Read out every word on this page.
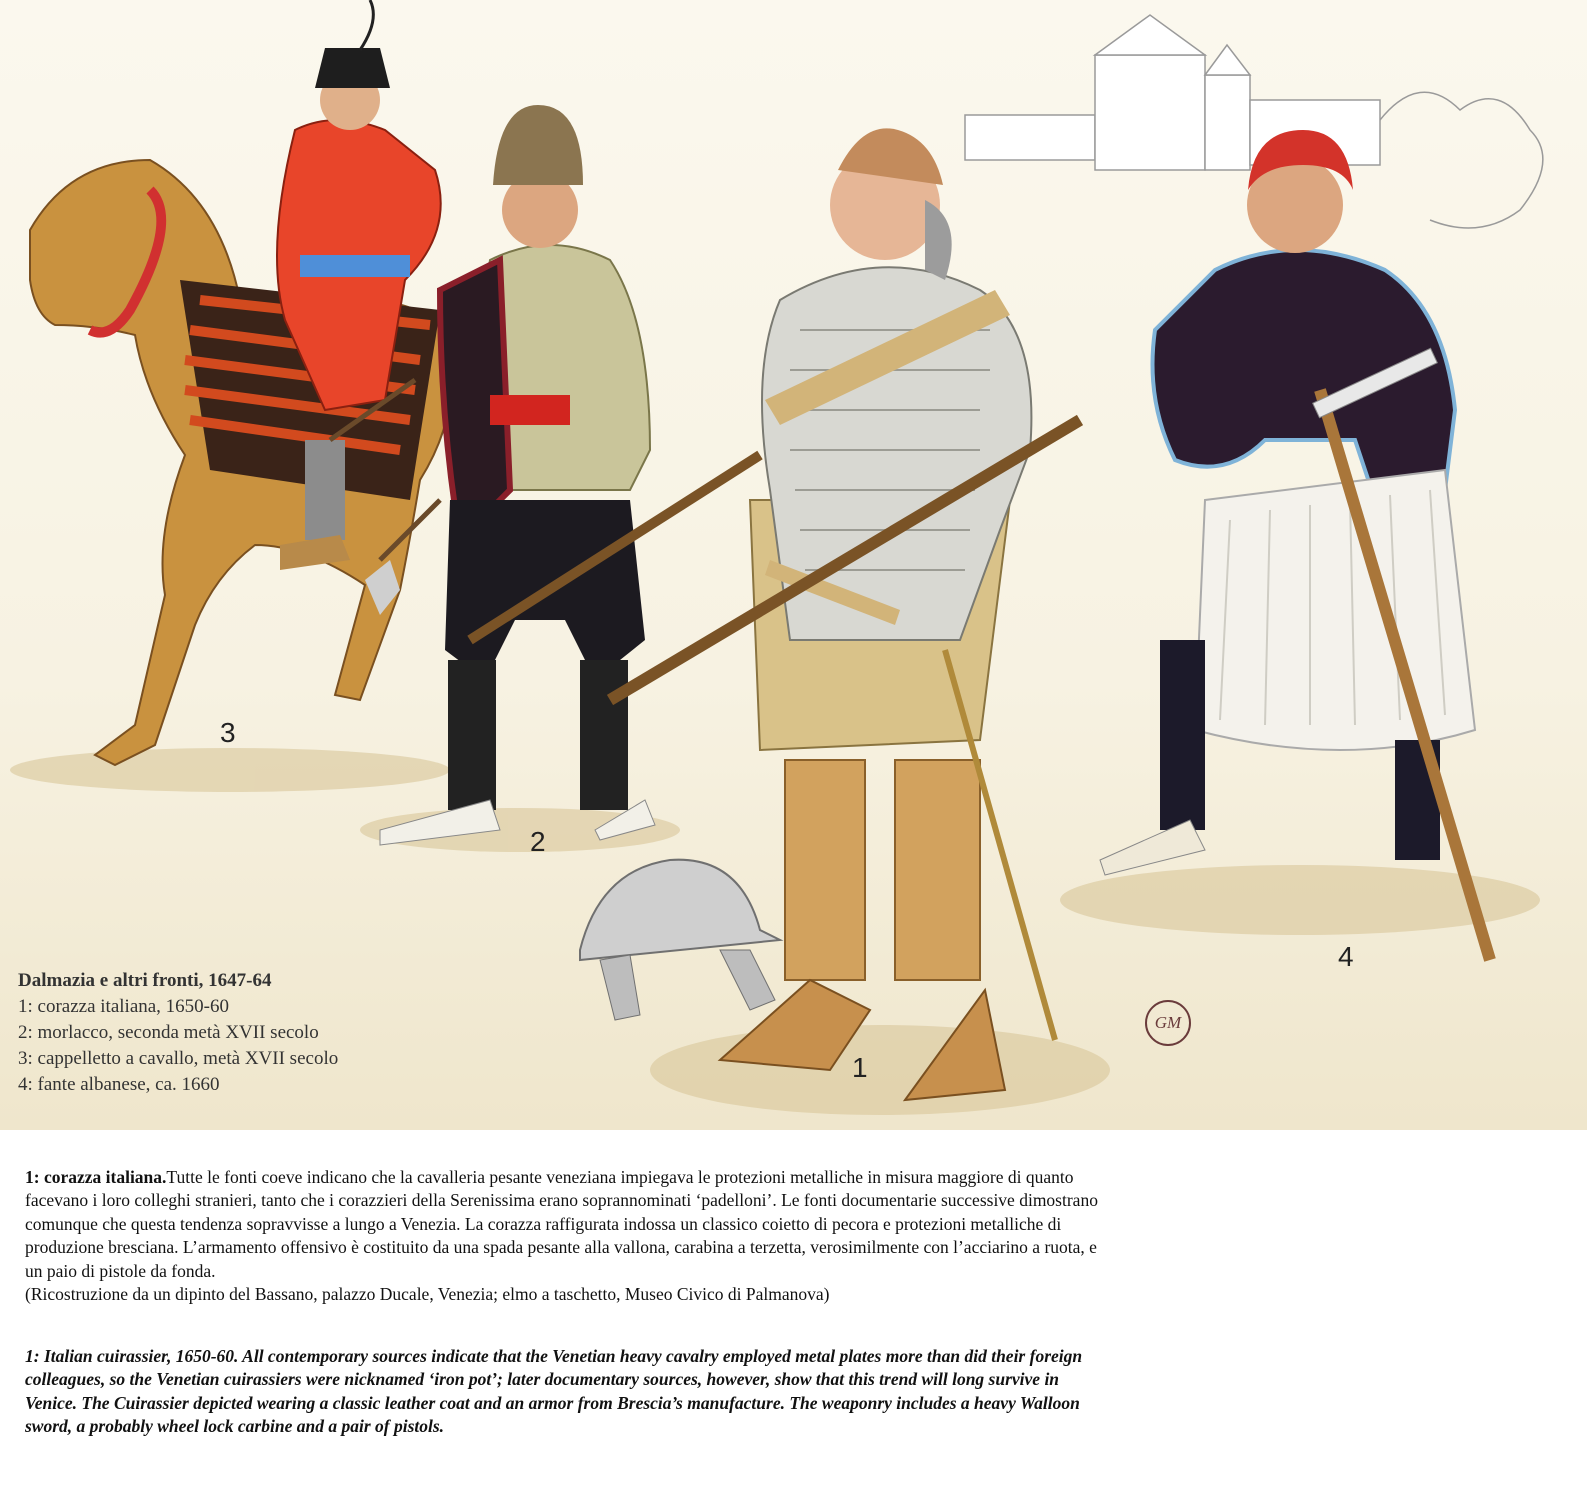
3
2
1
4
Dalmazia e altri fronti, 1647-64
1: corazza italiana, 1650-60
2: morlacco, seconda metà XVII secolo
3: cappelletto a cavallo, metà XVII secolo
4: fante albanese, ca. 1660
GM

1: corazza italiana.Tutte le fonti coeve indicano che la cavalleria pesante veneziana impiegava le protezioni metalliche in misura maggiore di quanto facevano i loro colleghi stranieri, tanto che i corazzieri della Serenissima erano soprannominati ‘padelloni’. Le fonti documentarie successive dimostrano comunque che questa tendenza sopravvisse a lungo a Venezia. La corazza raffigurata indossa un classico coietto di pecora e protezioni metalliche di produzione bresciana. L’armamento offensivo è costituito da una spada pesante alla vallona, carabina a terzetta, verosimilmente con l’acciarino a ruota, e un paio di pistole da fonda.

(Ricostruzione da un dipinto del Bassano, palazzo Ducale, Venezia; elmo a taschetto, Museo Civico di Palmanova)

1: Italian cuirassier, 1650-60. All contemporary sources indicate that the Venetian heavy cavalry employed metal plates more than did their foreign colleagues, so the Venetian cuirassiers were nicknamed ‘iron pot’; later documentary sources, however, show that this trend will long survive in Venice. The Cuirassier depicted wearing a classic leather coat and an armor from Brescia’s manufacture. The weaponry includes a heavy Walloon sword, a probably wheel lock carbine and a pair of pistols.
